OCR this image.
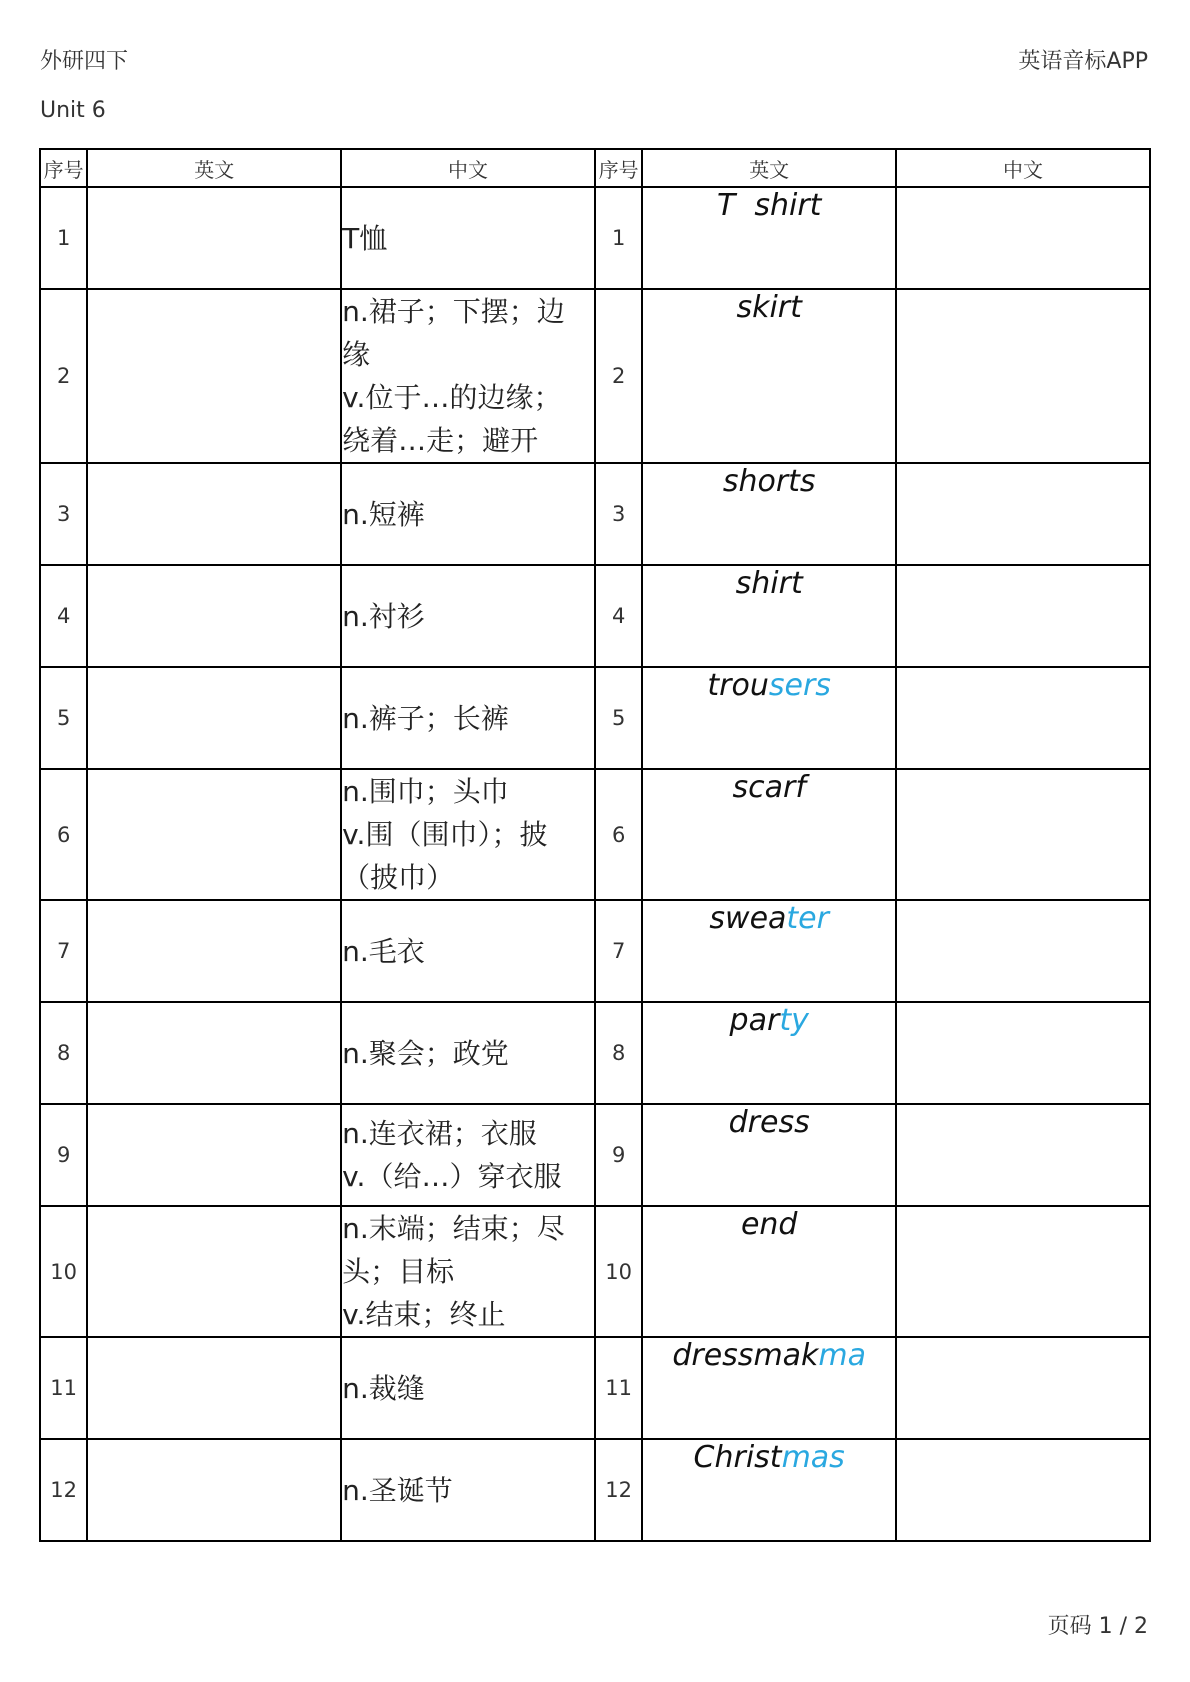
外研四下	英语音标APP
Unit 6
序号	英文	中文	序号	英文	中文
1		T恤	1	T  shirt	
2		n.裙子；下摆；边
缘
v.位于…的边缘；
绕着…走；避开	2	skirt	
3		n.短裤	3	shorts	
4		n.衬衫	4	shirt	
5		n.裤子；长裤	5	trousers	
6		n.围巾；头巾
v.围（围巾）；披
（披巾）	6	scarf	
7		n.毛衣	7	sweater	
8		n.聚会；政党	8	party	
9		n.连衣裙；衣服
v.（给…）穿衣服	9	dress	
10		n.末端；结束；尽
头；目标
v.结束；终止	10	end	
11		n.裁缝	11	dressmakma	
12		n.圣诞节	12	Christmas	
页码 1 / 2
